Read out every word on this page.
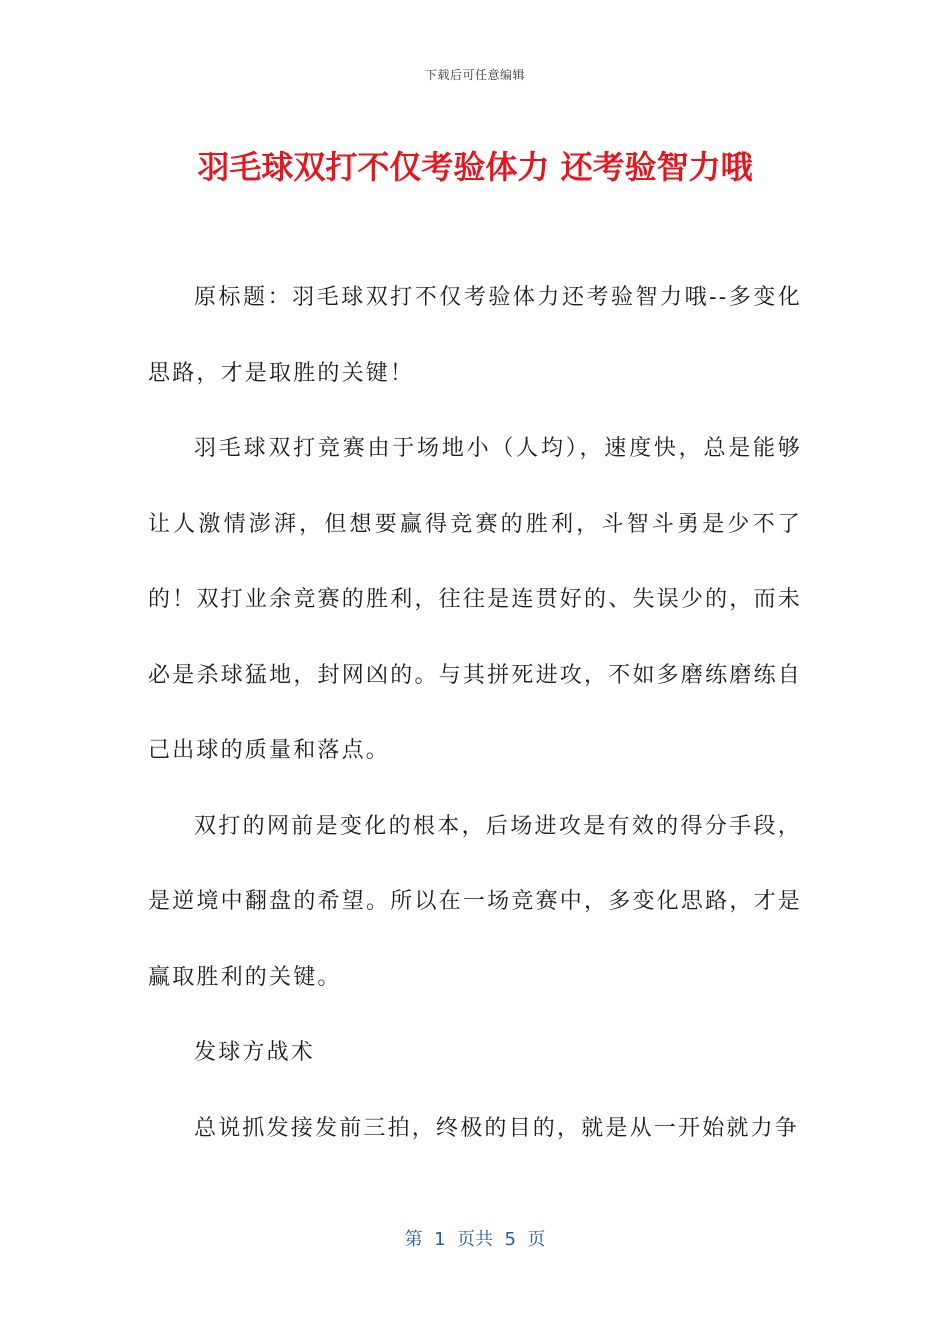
下载后可任意编辑
羽毛球双打不仅考验体力 还考验智力哦

原标题：羽毛球双打不仅考验体力还考验智力哦--多变化思路，才是取胜的关键！

羽毛球双打竞赛由于场地小（人均），速度快，总是能够让人激情澎湃，但想要赢得竞赛的胜利，斗智斗勇是少不了的！双打业余竞赛的胜利，往往是连贯好的、失误少的，而未必是杀球猛地，封网凶的。与其拼死进攻，不如多磨练磨练自己出球的质量和落点。

双打的网前是变化的根本，后场进攻是有效的得分手段，是逆境中翻盘的希望。所以在一场竞赛中，多变化思路，才是赢取胜利的关键。

发球方战术

总说抓发接发前三拍，终极的目的，就是从一开始就力争

第  1  页共  5  页
